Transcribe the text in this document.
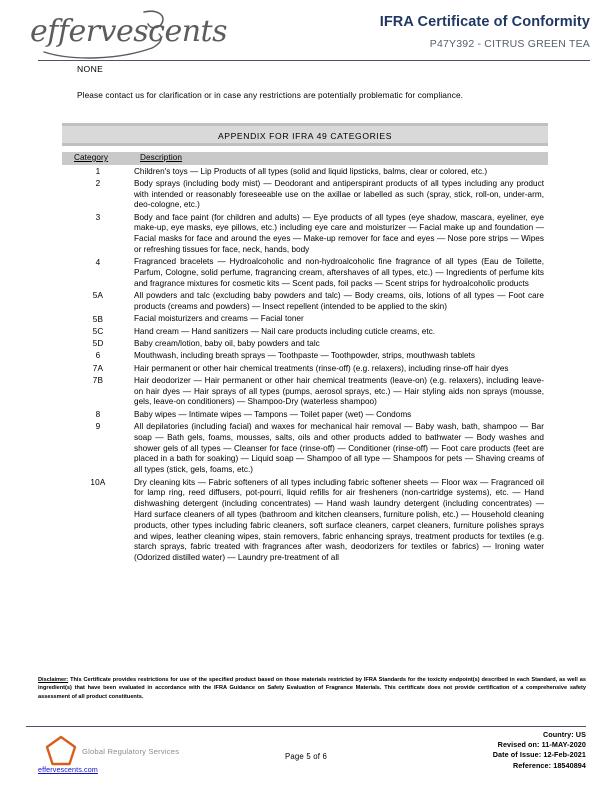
effervescents	IFRA Certificate of Conformity
P47Y392 - CITRUS GREEN TEA
NONE
Please contact us for clarification or in case any restrictions are potentially problematic for compliance.
APPENDIX FOR IFRA 49 CATEGORIES
Category	Description
1	Children's toys — Lip Products of all types (solid and liquid lipsticks, balms, clear or colored, etc.)
2	Body sprays (including body mist) — Deodorant and antiperspirant products of all types including any product with intended or reasonably foreseeable use on the axillae or labelled as such (spray, stick, roll-on, under-arm, deo-cologne, etc.)
3	Body and face paint (for children and adults) — Eye products of all types (eye shadow, mascara, eyeliner, eye make-up, eye masks, eye pillows, etc.) including eye care and moisturizer — Facial make up and foundation — Facial masks for face and around the eyes — Make-up remover for face and eyes — Nose pore strips — Wipes or refreshing tissues for face, neck, hands, body
4	Fragranced bracelets — Hydroalcoholic and non-hydroalcoholic fine fragrance of all types (Eau de Toilette, Parfum, Cologne, solid perfume, fragrancing cream, aftershaves of all types, etc.) — Ingredients of perfume kits and fragrance mixtures for cosmetic kits — Scent pads, foil packs — Scent strips for hydroalcoholic products
5A	All powders and talc (excluding baby powders and talc) — Body creams, oils, lotions of all types — Foot care products (creams and powders) — Insect repellent (intended to be applied to the skin)
5B	Facial moisturizers and creams — Facial toner
5C	Hand cream — Hand sanitizers — Nail care products including cuticle creams, etc.
5D	Baby cream/lotion, baby oil, baby powders and talc
6	Mouthwash, including breath sprays — Toothpaste — Toothpowder, strips, mouthwash tablets
7A	Hair permanent or other hair chemical treatments (rinse-off) (e.g. relaxers), including rinse-off hair dyes
7B	Hair deodorizer — Hair permanent or other hair chemical treatments (leave-on) (e.g. relaxers), including leave-on hair dyes — Hair sprays of all types (pumps, aerosol sprays, etc.) — Hair styling aids non sprays (mousse, gels, leave-on conditioners) — Shampoo-Dry (waterless shampoo)
8	Baby wipes — Intimate wipes — Tampons — Toilet paper (wet) — Condoms
9	All depilatories (including facial) and waxes for mechanical hair removal — Baby wash, bath, shampoo — Bar soap — Bath gels, foams, mousses, salts, oils and other products added to bathwater — Body washes and shower gels of all types — Cleanser for face (rinse-off) — Conditioner (rinse-off) — Foot care products (feet are placed in a bath for soaking) — Liquid soap — Shampoo of all type — Shampoos for pets — Shaving creams of all types (stick, gels, foams, etc.)
10A	Dry cleaning kits — Fabric softeners of all types including fabric softener sheets — Floor wax — Fragranced oil for lamp ring, reed diffusers, pot-pourri, liquid refills for air fresheners (non-cartridge systems), etc. — Hand dishwashing detergent (including concentrates) — Hand wash laundry detergent (including concentrates) — Hard surface cleaners of all types (bathroom and kitchen cleansers, furniture polish, etc.) — Household cleaning products, other types including fabric cleaners, soft surface cleaners, carpet cleaners, furniture polishes sprays and wipes, leather cleaning wipes, stain removers, fabric enhancing sprays, treatment products for textiles (e.g. starch sprays, fabric treated with fragrances after wash, deodorizers for textiles or fabrics) — Ironing water (Odorized distilled water) — Laundry pre-treatment of all
Disclaimer: This Certificate provides restrictions for use of the specified product based on those materials restricted by IFRA Standards for the toxicity endpoint(s) described in each Standard, as well as ingredient(s) that have been evaluated in accordance with the IFRA Guidance on Safety Evaluation of Fragrance Materials. This certificate does not provide certification of a comprehensive safety assessment of all product constituents.
Global Regulatory Services
effervescents.com
Page 5 of 6
Country: US
Revised on: 11-MAY-2020
Date of Issue: 12-Feb-2021
Reference: 18540894
